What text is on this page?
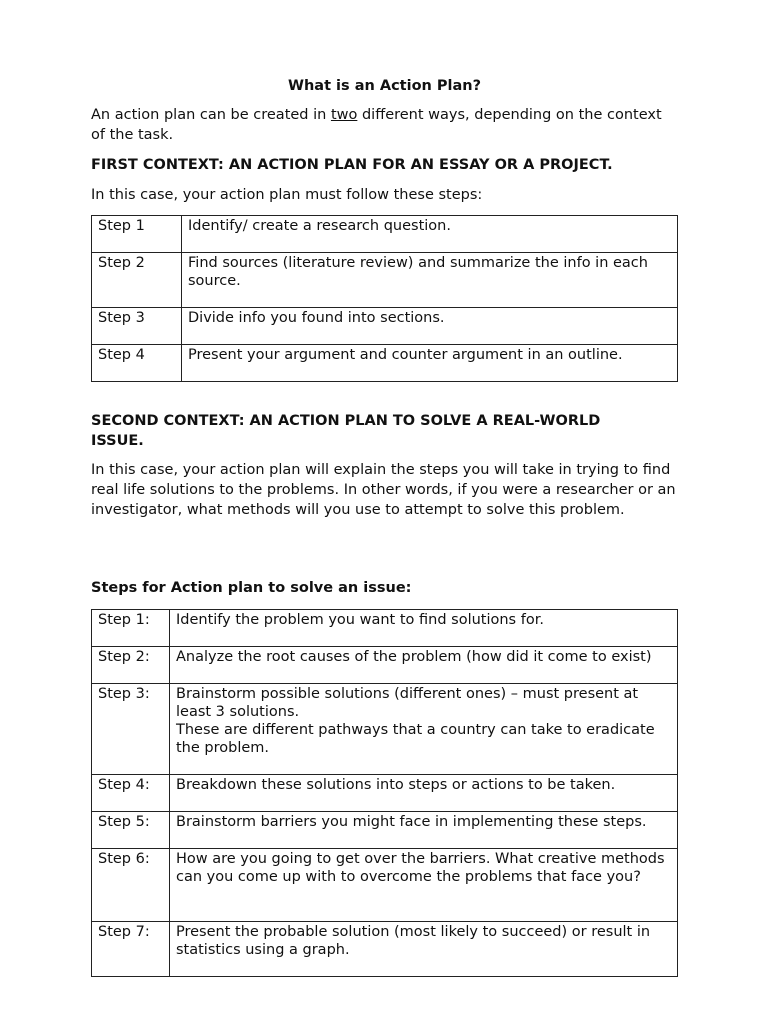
What is an Action Plan?

An action plan can be created in two different ways, depending on the context of the task.

FIRST CONTEXT: AN ACTION PLAN FOR AN ESSAY OR A PROJECT.

In this case, your action plan must follow these steps:

Step 1	Identify/ create a research question.
Step 2	Find sources (literature review) and summarize the info in each source.
Step 3	Divide info you found into sections.
Step 4	Present your argument and counter argument in an outline.

SECOND CONTEXT: AN ACTION PLAN TO SOLVE A REAL-WORLD ISSUE.

In this case, your action plan will explain the steps you will take in trying to find real life solutions to the problems. In other words, if you were a researcher or an investigator, what methods will you use to attempt to solve this problem.

Steps for Action plan to solve an issue:

Step 1:	Identify the problem you want to find solutions for.
Step 2:	Analyze the root causes of the problem (how did it come to exist)
Step 3:	Brainstorm possible solutions (different ones) – must present at least 3 solutions.
These are different pathways that a country can take to eradicate the problem.

Step 4:	Breakdown these solutions into steps or actions to be taken.
Step 5:	Brainstorm barriers you might face in implementing these steps.
Step 6:	How are you going to get over the barriers. What creative methods can you come up with to overcome the problems that face you?
Step 7:	Present the probable solution (most likely to succeed) or result in statistics using a graph.
